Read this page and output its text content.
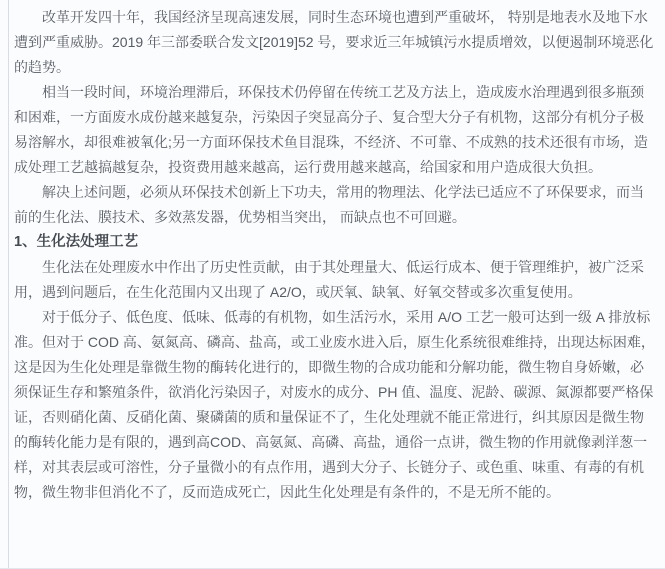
改革开发四十年，我国经济呈现高速发展，同时生态环境也遭到严重破坏， 特别是地表水及地下水遭到严重威胁。2019 年三部委联合发文[2019]52 号，要求近三年城镇污水提质增效，以便遏制环境恶化的趋势。

相当一段时间，环境治理滞后，环保技术仍停留在传统工艺及方法上，造成废水治理遇到很多瓶颈和困难，一方面废水成份越来越复杂，污染因子突显高分子、复合型大分子有机物，这部分有机分子极易溶解水，却很难被氧化;另一方面环保技术鱼目混珠，不经济、不可靠、不成熟的技术还很有市场，造成处理工艺越搞越复杂，投资费用越来越高，运行费用越来越高，给国家和用户造成很大负担。

解决上述问题，必须从环保技术创新上下功夫，常用的物理法、化学法已适应不了环保要求，而当前的生化法、膜技术、多效蒸发器，优势相当突出， 而缺点也不可回避。

1、生化法处理工艺

生化法在处理废水中作出了历史性贡献，由于其处理量大、低运行成本、便于管理维护，被广泛采用，遇到问题后，在生化范围内又出现了 A2/O，或厌氧、缺氧、好氧交替或多次重复使用。

对于低分子、低色度、低味、低毒的有机物，如生活污水，采用 A/O 工艺一般可达到一级 A 排放标准。但对于 COD 高、氨氮高、磷高、盐高，或工业废水进入后，原生化系统很难维持，出现达标困难，这是因为生化处理是靠微生物的酶转化进行的，即微生物的合成功能和分解功能，微生物自身娇嫩，必须保证生存和繁殖条件，欲消化污染因子，对废水的成分、PH 值、温度、泥龄、碳源、氮源都要严格保证，否则硝化菌、反硝化菌、聚磷菌的质和量保证不了，生化处理就不能正常进行，纠其原因是微生物的酶转化能力是有限的，遇到高COD、高氨氮、高磷、高盐，通俗一点讲，微生物的作用就像剥洋葱一样，对其表层或可溶性，分子量微小的有点作用，遇到大分子、长链分子、或色重、味重、有毒的有机物，微生物非但消化不了，反而造成死亡，因此生化处理是有条件的，不是无所不能的。
